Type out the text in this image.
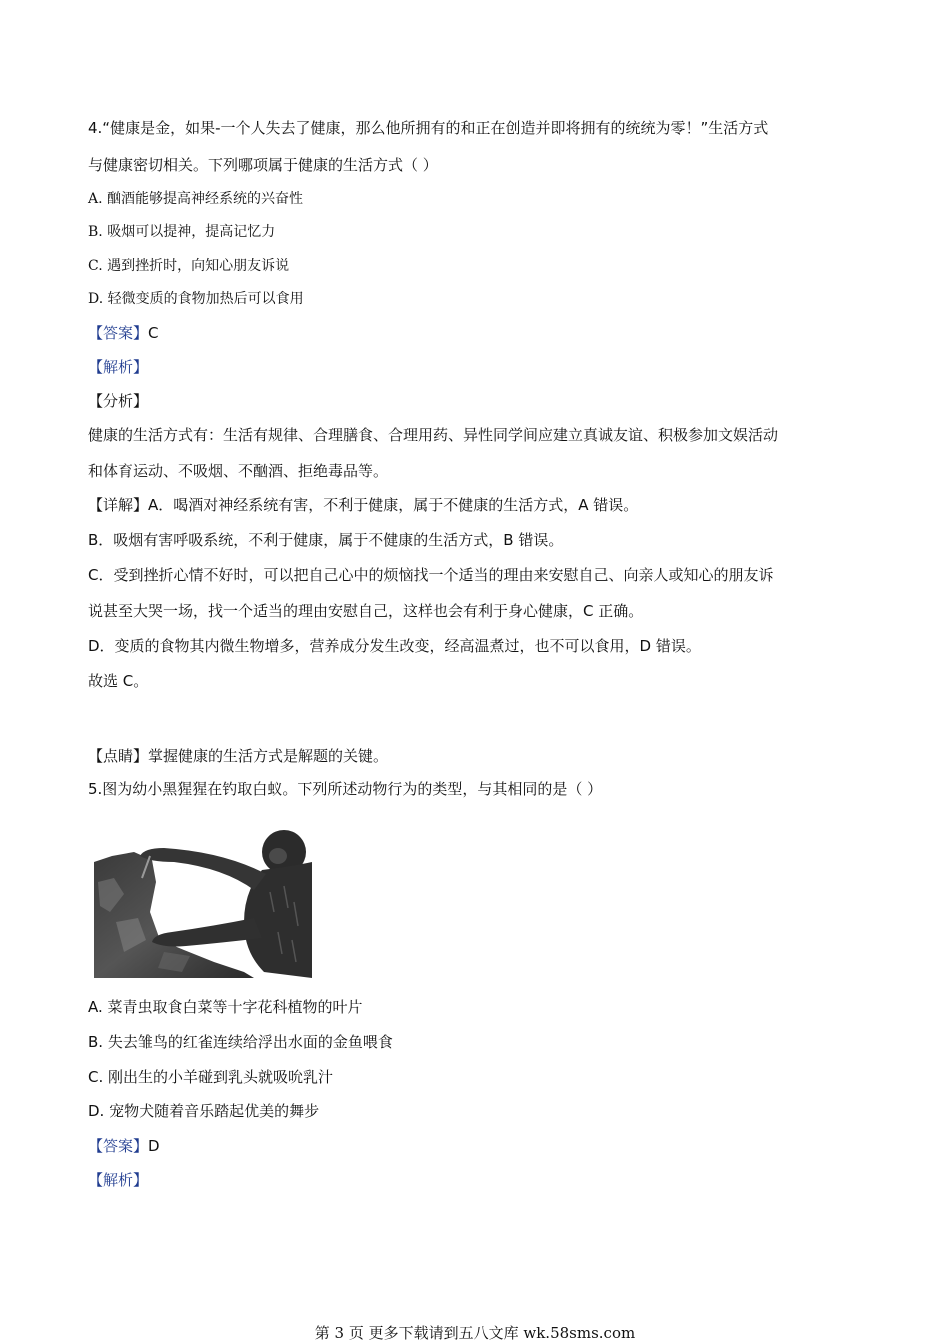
4.“健康是金，如果-一个人失去了健康，那么他所拥有的和正在创造并即将拥有的统统为零！”生活方式
与健康密切相关。下列哪项属于健康的生活方式（ ）
A. 酗酒能够提高神经系统的兴奋性
B. 吸烟可以提神，提高记忆力
C. 遇到挫折时，向知心朋友诉说
D. 轻微变质的食物加热后可以食用
【答案】C
【解析】
【分析】
健康的生活方式有：生活有规律、合理膳食、合理用药、异性同学间应建立真诚友谊、积极参加文娱活动
和体育运动、不吸烟、不酗酒、拒绝毒品等。
【详解】A．喝酒对神经系统有害，不利于健康，属于不健康的生活方式，A 错误。
B．吸烟有害呼吸系统，不利于健康，属于不健康的生活方式，B 错误。
C．受到挫折心情不好时，可以把自己心中的烦恼找一个适当的理由来安慰自己、向亲人或知心的朋友诉
说甚至大哭一场，找一个适当的理由安慰自己，这样也会有利于身心健康，C 正确。
D．变质的食物其内微生物增多，营养成分发生改变，经高温煮过，也不可以食用，D 错误。
故选 C。
【点睛】掌握健康的生活方式是解题的关键。
5.图为幼小黑猩猩在钓取白蚁。下列所述动物行为的类型，与其相同的是（ ）
A. 菜青虫取食白菜等十字花科植物的叶片
B. 失去雏鸟的红雀连续给浮出水面的金鱼喂食
C. 刚出生的小羊碰到乳头就吸吮乳汁
D. 宠物犬随着音乐踏起优美的舞步
【答案】D
【解析】
第 3 页 更多下载请到五八文库 wk.58sms.com
